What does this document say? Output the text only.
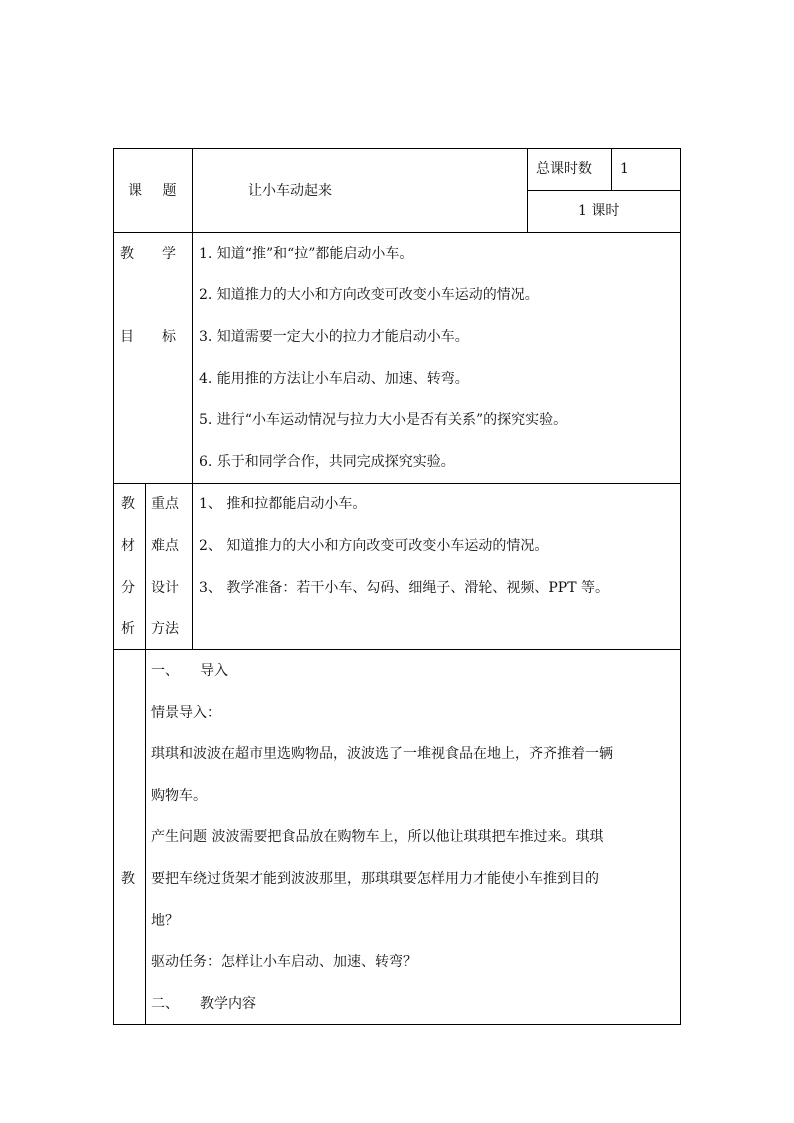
课 题	让小车动起来
总课时数 1
1 课时
教　　学
目　　标
1. 知道“推”和“拉”都能启动小车。
2. 知道推力的大小和方向改变可改变小车运动的情况。
3. 知道需要一定大小的拉力才能启动小车。
4. 能用推的方法让小车启动、加速、转弯。
5. 进行“小车运动情况与拉力大小是否有关系”的探究实验。
6. 乐于和同学合作，共同完成探究实验。
教
材
分
析
重点
难点
设计
方法
1、 推和拉都能启动小车。
2、 知道推力的大小和方向改变可改变小车运动的情况。
3、 教学准备：若干小车、勾码、细绳子、滑轮、视频、PPT 等。
教
一、　　导入
情景导入：
琪琪和波波在超市里选购物品，波波选了一堆视食品在地上，齐齐推着一辆
购物车。
产生问题 波波需要把食品放在购物车上，所以他让琪琪把车推过来。琪琪
要把车绕过货架才能到波波那里，那琪琪要怎样用力才能使小车推到目的
地？
驱动任务：怎样让小车启动、加速、转弯？
二、　　教学内容
